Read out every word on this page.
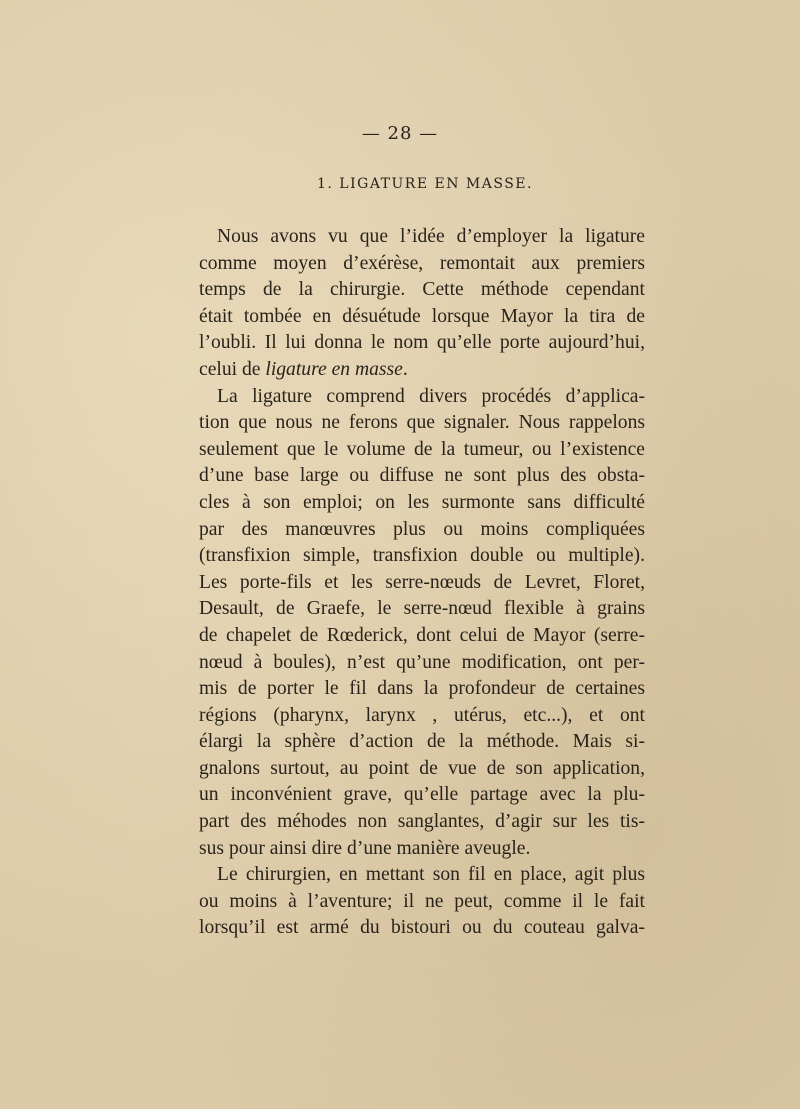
— 28 —
1. LIGATURE EN MASSE.
Nous avons vu que l’idée d’employer la ligature
comme moyen d’exérèse, remontait aux premiers
temps de la chirurgie. Cette méthode cependant
était tombée en désuétude lorsque Mayor la tira de
l’oubli. Il lui donna le nom qu’elle porte aujourd’hui,
celui de ligature en masse.
La ligature comprend divers procédés d’applica-
tion que nous ne ferons que signaler. Nous rappelons
seulement que le volume de la tumeur, ou l’existence
d’une base large ou diffuse ne sont plus des obsta-
cles à son emploi; on les surmonte sans difficulté
par des manœuvres plus ou moins compliquées
(transfixion simple, transfixion double ou multiple).
Les porte-fils et les serre-nœuds de Levret, Floret,
Desault, de Graefe, le serre-nœud flexible à grains
de chapelet de Rœderick, dont celui de Mayor (serre-
nœud à boules), n’est qu’une modification, ont per-
mis de porter le fil dans la profondeur de certaines
régions (pharynx, larynx , utérus, etc...), et ont
élargi la sphère d’action de la méthode. Mais si-
gnalons surtout, au point de vue de son application,
un inconvénient grave, qu’elle partage avec la plu-
part des méhodes non sanglantes, d’agir sur les tis-
sus pour ainsi dire d’une manière aveugle.
Le chirurgien, en mettant son fil en place, agit plus
ou moins à l’aventure; il ne peut, comme il le fait
lorsqu’il est armé du bistouri ou du couteau galva-
